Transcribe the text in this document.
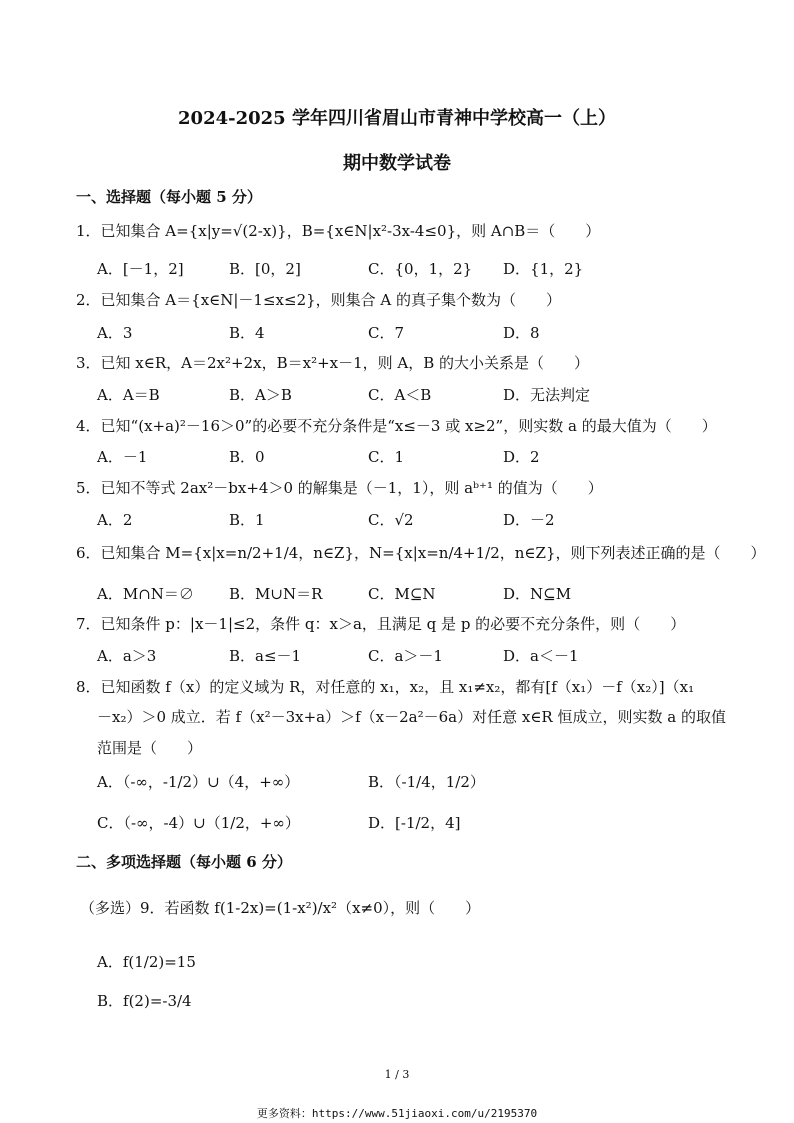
2024-2025 学年四川省眉山市青神中学校高一（上）
期中数学试卷
一、选择题（每小题 5 分）
1．已知集合 A={x|y=√(2-x)}，B={x∈N|x²-3x-4≤0}，则 A∩B＝（　　）
A．[－1，2]	B．[0，2]	C．{0，1，2} D．{1，2}
2．已知集合 A＝{x∈N|－1≤x≤2}，则集合 A 的真子集个数为（　　）
A．3	B．4	C．7	D．8
3．已知 x∈R，A＝2x²+2x，B＝x²+x－1，则 A，B 的大小关系是（　　）
A．A＝B	B．A＞B	C．A＜B	D．无法判定
4．已知“(x+a)²－16＞0”的必要不充分条件是“x≤－3 或 x≥2”，则实数 a 的最大值为（　　）
A．－1	B．0	C．1	D．2
5．已知不等式 2ax²－bx+4＞0 的解集是（－1，1），则 aᵇ⁺¹ 的值为（　　）
A．2	B．1	C．√2	D．－2
6．已知集合 M={x|x=n/2+1/4，n∈Z}，N={x|x=n/4+1/2，n∈Z}，则下列表述正确的是（　　）
A．M∩N＝∅ B．M∪N＝R	C．M⊆N	D．N⊆M
7．已知条件 p：|x－1|≤2，条件 q：x＞a，且满足 q 是 p 的必要不充分条件，则（　　）
A．a＞3	B．a≤－1	C．a＞－1	D．a＜－1
8．已知函数 f（x）的定义域为 R，对任意的 x₁，x₂，且 x₁≠x₂，都有[f（x₁）－f（x₂）]（x₁
－x₂）＞0 成立．若 f（x²－3x+a）＞f（x－2a²－6a）对任意 x∈R 恒成立，则实数 a 的取值
范围是（　　）
A．（-∞，-1/2）∪（4，+∞）	B．（-1/4，1/2）
C．（-∞，-4）∪（1/2，+∞）	D．[-1/2，4]
二、多项选择题（每小题 6 分）
（多选）9．若函数 f(1-2x)=(1-x²)/x²（x≠0），则（　　）
A．f(1/2)=15
B．f(2)=-3/4
1 / 3
更多资料：https://www.51jiaoxi.com/u/2195370
